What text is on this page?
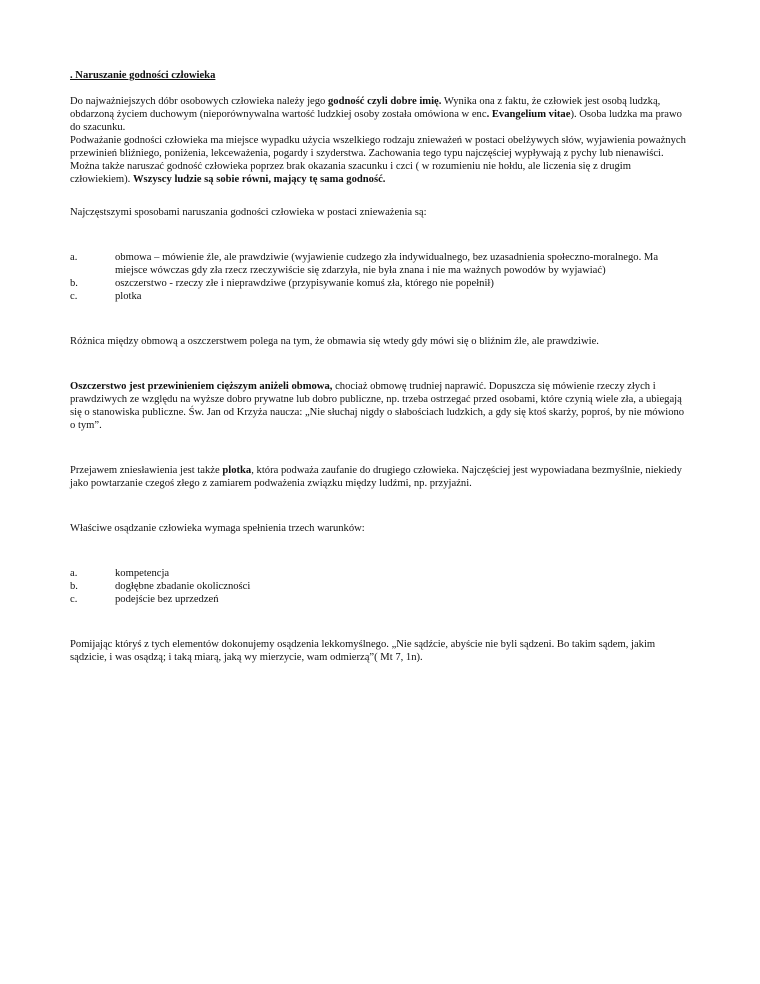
. Naruszanie godności człowieka

Do najważniejszych dóbr osobowych człowieka należy jego godność czyli dobre imię. Wynika ona z faktu, że człowiek jest osobą ludzką, obdarzoną życiem duchowym (nieporównywalna wartość ludzkiej osoby została omówiona w enc. Evangelium vitae). Osoba ludzka ma prawo do szacunku.

Podważanie godności człowieka ma miejsce wypadku użycia wszelkiego rodzaju znieważeń w postaci obelżywych słów, wyjawienia poważnych przewinień bliźniego, poniżenia, lekceważenia, pogardy i szyderstwa. Zachowania tego typu najczęściej wypływają z pychy lub nienawiści. Można także naruszać godność człowieka poprzez brak okazania szacunku i czci ( w rozumieniu nie hołdu, ale liczenia się z drugim człowiekiem). Wszyscy ludzie są sobie równi, mający tę sama godność.

Najczęstszymi sposobami naruszania godności człowieka w postaci znieważenia są:

a.	obmowa – mówienie źle, ale prawdziwie (wyjawienie cudzego zła indywidualnego, bez uzasadnienia społeczno-moralnego. Ma miejsce wówczas gdy zła rzecz rzeczywiście się zdarzyła, nie była znana i nie ma ważnych powodów by wyjawiać)
b.	oszczerstwo - rzeczy złe i nieprawdziwe (przypisywanie komuś zła, którego nie popełnił)
c.	plotka

Różnica między obmową a oszczerstwem polega na tym, że obmawia się wtedy gdy mówi się o bliźnim źle, ale prawdziwie.

Oszczerstwo jest przewinieniem cięższym aniżeli obmowa, chociaż obmowę trudniej naprawić. Dopuszcza się mówienie rzeczy złych i prawdziwych ze względu na wyższe dobro prywatne lub dobro publiczne, np. trzeba ostrzegać przed osobami, które czynią wiele zła, a ubiegają się o stanowiska publiczne. Św. Jan od Krzyża naucza: „Nie słuchaj nigdy o słabościach ludzkich, a gdy się ktoś skarży, poproś, by nie mówiono o tym”.

Przejawem zniesławienia jest także plotka, która podważa zaufanie do drugiego człowieka. Najczęściej jest wypowiadana bezmyślnie, niekiedy jako powtarzanie czegoś złego z zamiarem podważenia związku między ludźmi, np. przyjaźni.

Właściwe osądzanie człowieka wymaga spełnienia trzech warunków:

a.	kompetencja
b.	dogłębne zbadanie okoliczności
c.	podejście bez uprzedzeń

Pomijając któryś z tych elementów dokonujemy osądzenia lekkomyślnego. „Nie sądźcie, abyście nie byli sądzeni. Bo takim sądem, jakim sądzicie, i was osądzą; i taką miarą, jaką wy mierzycie, wam odmierzą”( Mt 7, 1n).
